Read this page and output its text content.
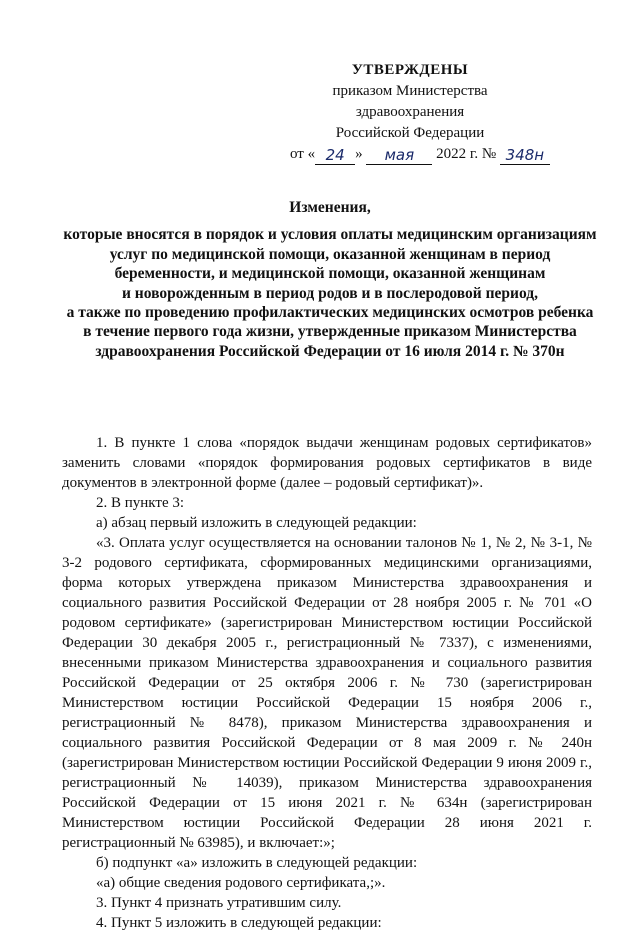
УТВЕРЖДЕНЫ
приказом Министерства здравоохранения
Российской Федерации
от « 24 » мая 2022 г. № 348н
Изменения,
которые вносятся в порядок и условия оплаты медицинским организациям
услуг по медицинской помощи, оказанной женщинам в период
беременности, и медицинской помощи, оказанной женщинам
и новорожденным в период родов и в послеродовой период,
а также по проведению профилактических медицинских осмотров ребенка
в течение первого года жизни, утвержденные приказом Министерства
здравоохранения Российской Федерации от 16 июля 2014 г. № 370н

1. В пункте 1 слова «порядок выдачи женщинам родовых сертификатов» заменить словами «порядок формирования родовых сертификатов в виде документов в электронной форме (далее – родовый сертификат)».

2. В пункте 3:

а) абзац первый изложить в следующей редакции:

«3. Оплата услуг осуществляется на основании талонов № 1, № 2, № 3-1, № 3-2 родового сертификата, сформированных медицинскими организациями, форма которых утверждена приказом Министерства здравоохранения и социального развития Российской Федерации от 28 ноября 2005 г. № 701 «О родовом сертификате» (зарегистрирован Министерством юстиции Российской Федерации 30 декабря 2005 г., регистрационный № 7337), с изменениями, внесенными приказом Министерства здравоохранения и социального развития Российской Федерации от 25 октября 2006 г. № 730 (зарегистрирован Министерством юстиции Российской Федерации 15 ноября 2006 г., регистрационный № 8478), приказом Министерства здравоохранения и социального развития Российской Федерации от 8 мая 2009 г. № 240н (зарегистрирован Министерством юстиции Российской Федерации 9 июня 2009 г., регистрационный № 14039), приказом Министерства здравоохранения Российской Федерации от 15 июня 2021 г. № 634н (зарегистрирован Министерством юстиции Российской Федерации 28 июня 2021 г. регистрационный № 63985), и включает:»;

б) подпункт «а» изложить в следующей редакции:

«а) общие сведения родового сертификата,;».

3. Пункт 4 признать утратившим силу.

4. Пункт 5 изложить в следующей редакции:
